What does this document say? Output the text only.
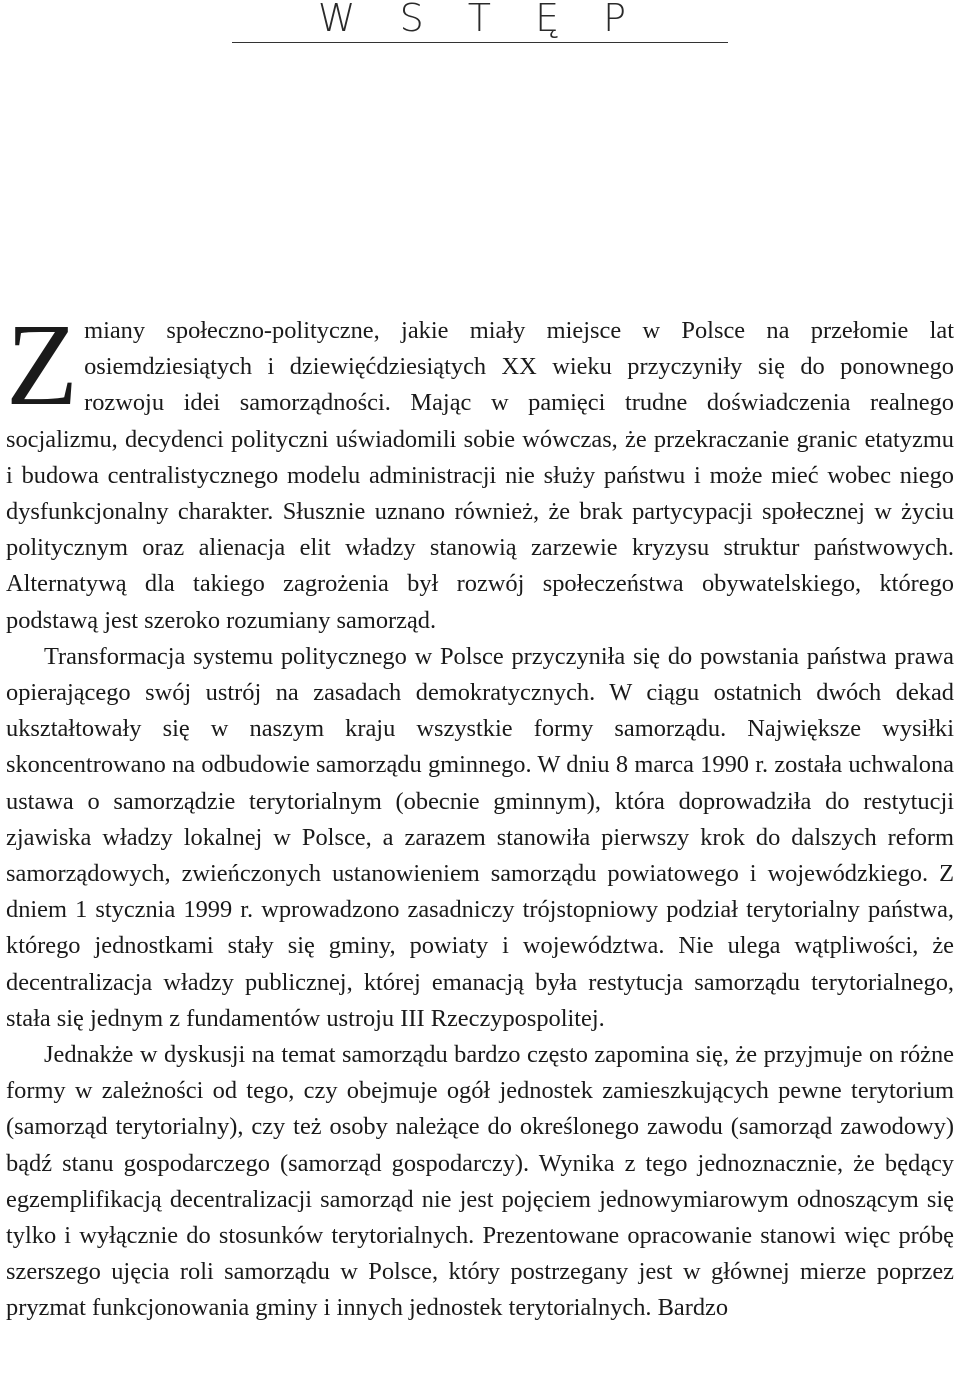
W S T Ę P

Zmiany społeczno-polityczne, jakie miały miejsce w Polsce na przełomie lat osiemdziesiątych i dziewięćdziesiątych XX wieku przyczyniły się do ponownego rozwoju idei samorządności. Mając w pamięci trudne doświadczenia realnego socjalizmu, decydenci polityczni uświadomili sobie wówczas, że przekraczanie granic etatyzmu i budowa centralistycznego modelu administracji nie służy państwu i może mieć wobec niego dysfunkcjonalny charakter. Słusznie uznano również, że brak partycypacji społecznej w życiu politycznym oraz alienacja elit władzy stanowią zarzewie kryzysu struktur państwowych. Alternatywą dla takiego zagrożenia był rozwój społeczeństwa obywatelskiego, którego podstawą jest szeroko rozumiany samorząd.

Transformacja systemu politycznego w Polsce przyczyniła się do powstania państwa prawa opierającego swój ustrój na zasadach demokratycznych. W ciągu ostatnich dwóch dekad ukształtowały się w naszym kraju wszystkie formy samorządu. Największe wysiłki skoncentrowano na odbudowie samorządu gminnego. W dniu 8 marca 1990 r. została uchwalona ustawa o samorządzie terytorialnym (obecnie gminnym), która doprowadziła do restytucji zjawiska władzy lokalnej w Polsce, a zarazem stanowiła pierwszy krok do dalszych reform samorządowych, zwieńczonych ustanowieniem samorządu powiatowego i wojewódzkiego. Z dniem 1 stycznia 1999 r. wprowadzono zasadniczy trójstopniowy podział terytorialny państwa, którego jednostkami stały się gminy, powiaty i województwa. Nie ulega wątpliwości, że decentralizacja władzy publicznej, której emanacją była restytucja samorządu terytorialnego, stała się jednym z fundamentów ustroju III Rzeczypospolitej.

Jednakże w dyskusji na temat samorządu bardzo często zapomina się, że przyjmuje on różne formy w zależności od tego, czy obejmuje ogół jednostek zamieszkujących pewne terytorium (samorząd terytorialny), czy też osoby należące do określonego zawodu (samorząd zawodowy) bądź stanu gospodarczego (samorząd gospodarczy). Wynika z tego jednoznacznie, że będący egzemplifikacją decentralizacji samorząd nie jest pojęciem jednowymiarowym odnoszącym się tylko i wyłącznie do stosunków terytorialnych. Prezentowane opracowanie stanowi więc próbę szerszego ujęcia roli samorządu w Polsce, który postrzegany jest w głównej mierze poprzez pryzmat funkcjonowania gminy i innych jednostek terytorialnych. Bardzo
